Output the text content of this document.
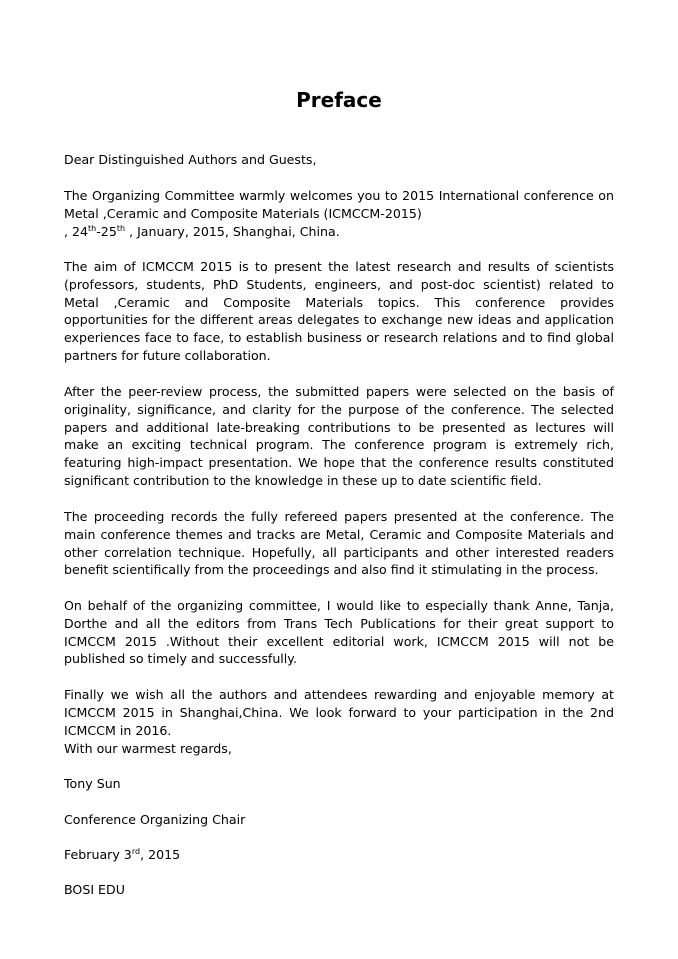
Preface

Dear Distinguished Authors and Guests,

The Organizing Committee warmly welcomes you to 2015 International conference on Metal ,Ceramic and Composite Materials (ICMCCM-2015)

, 24th-25th , January, 2015, Shanghai, China.

The aim of ICMCCM 2015 is to present the latest research and results of scientists (professors, students, PhD Students, engineers, and post-doc scientist) related to Metal ,Ceramic and Composite Materials topics. This conference provides opportunities for the different areas delegates to exchange new ideas and application experiences face to face, to establish business or research relations and to find global partners for future collaboration.

After the peer-review process, the submitted papers were selected on the basis of originality, significance, and clarity for the purpose of the conference. The selected papers and additional late-breaking contributions to be presented as lectures will make an exciting technical program. The conference program is extremely rich, featuring high-impact presentation. We hope that the conference results constituted significant contribution to the knowledge in these up to date scientific field.

The proceeding records the fully refereed papers presented at the conference. The main conference themes and tracks are Metal, Ceramic and Composite Materials and other correlation technique. Hopefully, all participants and other interested readers benefit scientifically from the proceedings and also find it stimulating in the process.

On behalf of the organizing committee, I would like to especially thank Anne, Tanja, Dorthe and all the editors from Trans Tech Publications for their great support to ICMCCM 2015 .Without their excellent editorial work, ICMCCM 2015 will not be published so timely and successfully.

Finally we wish all the authors and attendees rewarding and enjoyable memory at ICMCCM 2015 in Shanghai,China. We look forward to your participation in the 2nd ICMCCM in 2016.

With our warmest regards,

Tony Sun

Conference Organizing Chair

February 3rd, 2015

BOSI EDU
